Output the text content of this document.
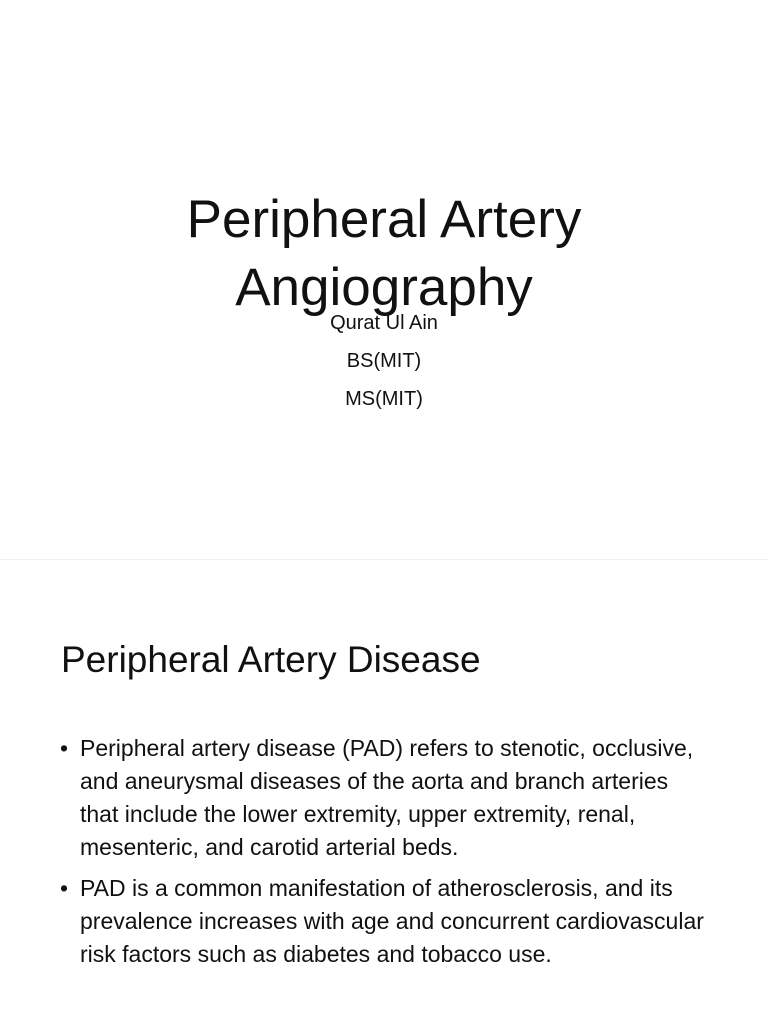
Peripheral Artery
Angiography
Qurat Ul Ain
BS(MIT)
MS(MIT)
Peripheral Artery Disease
• Peripheral artery disease (PAD) refers to stenotic, occlusive, and aneurysmal diseases of the aorta and branch arteries that include the lower extremity, upper extremity, renal, mesenteric, and carotid arterial beds.
• PAD is a common manifestation of atherosclerosis, and its prevalence increases with age and concurrent cardiovascular risk factors such as diabetes and tobacco use.
